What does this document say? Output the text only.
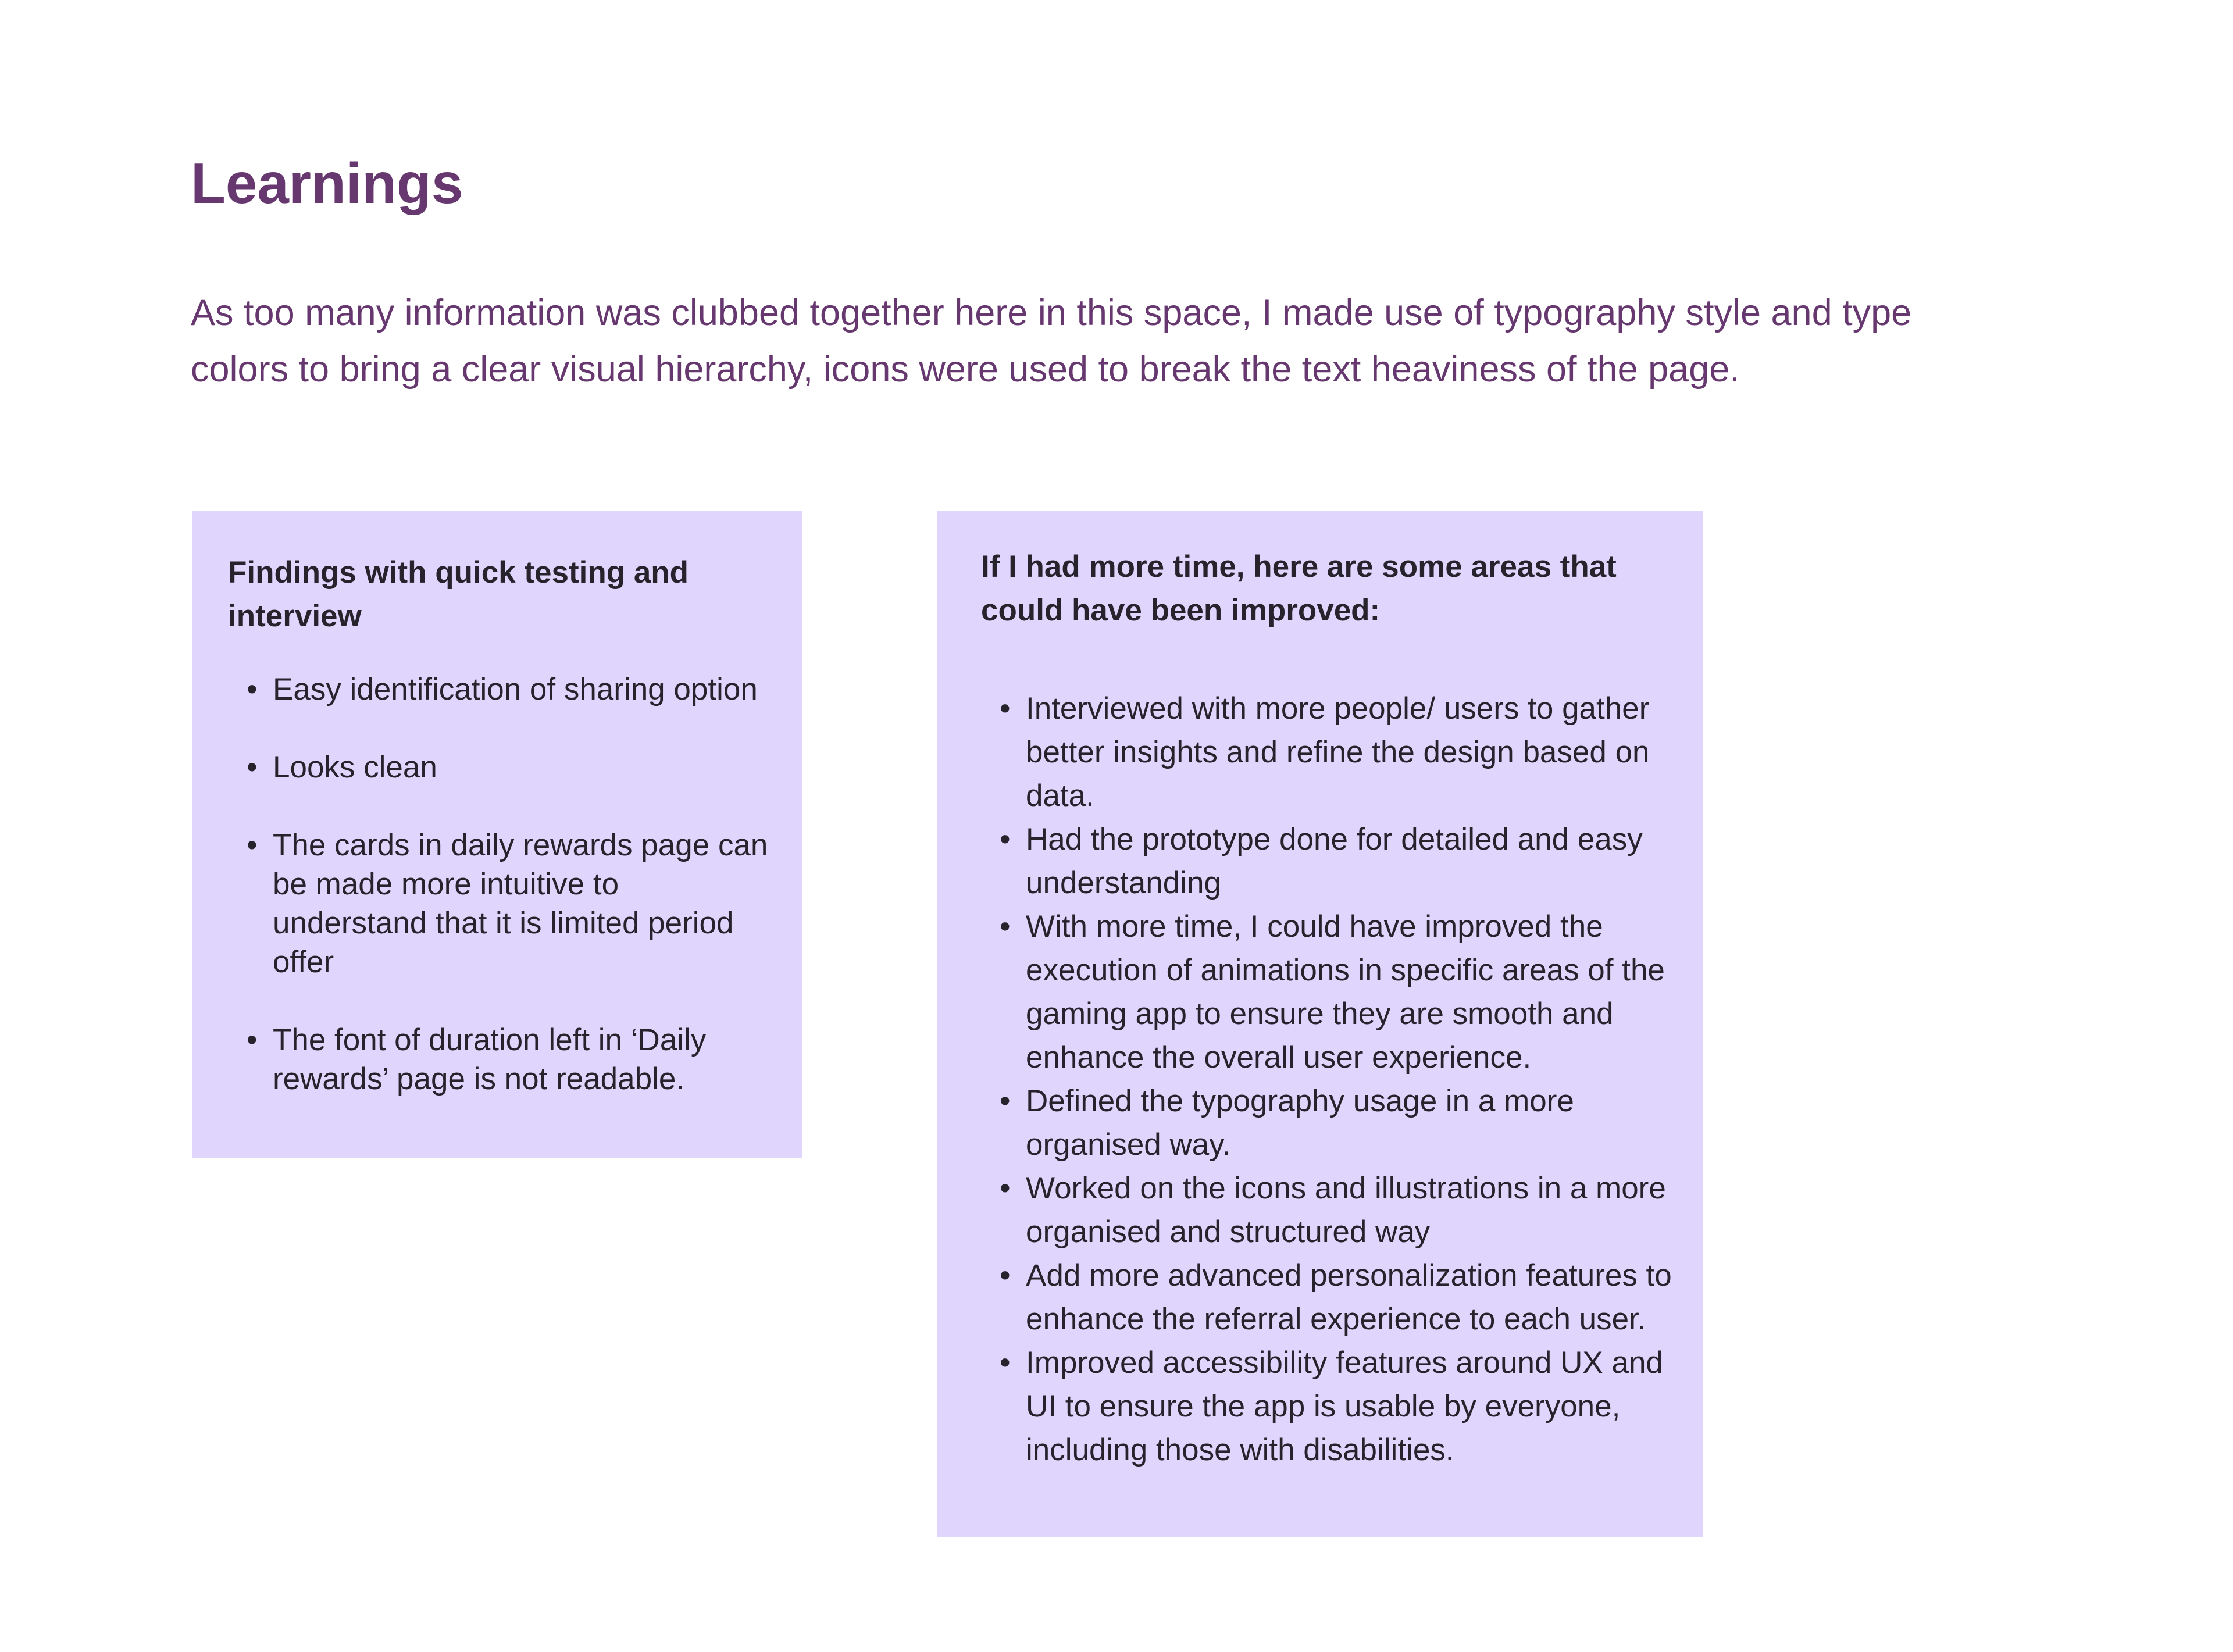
Learnings

As too many information was clubbed together here in this space, I made use of typography style and type colors to bring a clear visual hierarchy, icons were used to break the text heaviness of the page.

Findings with quick testing and interview

• Easy identification of sharing option
• Looks clean
• The cards in daily rewards page can be made more intuitive to understand that it is limited period offer
• The font of duration left in ‘Daily rewards’ page is not readable.

If I had more time, here are some areas that could have been improved:

• Interviewed with more people/ users to gather better insights and refine the design based on data.
• Had the prototype done for detailed and easy understanding
• With more time, I could have improved the execution of animations in specific areas of the gaming app to ensure they are smooth and enhance the overall user experience.
• Defined the typography usage in a more organised way.
• Worked on the icons and illustrations in a more organised and structured way
• Add more advanced personalization features to enhance the referral experience to each user.
• Improved accessibility features around UX and UI to ensure the app is usable by everyone, including those with disabilities.
